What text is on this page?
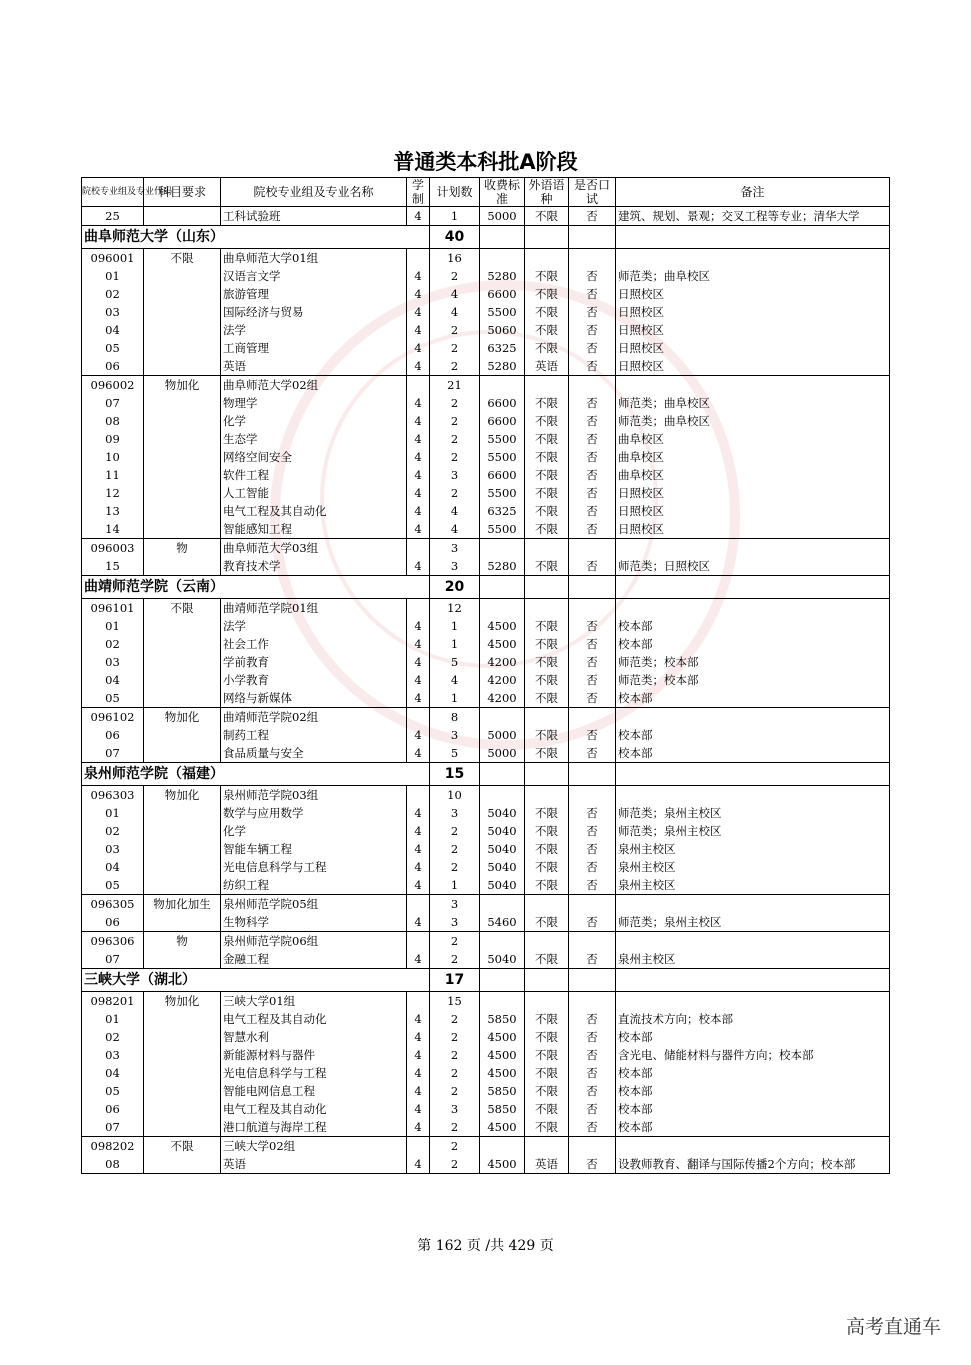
普通类本科批A阶段
院校专业组及专业代码	科目要求	院校专业组及专业名称	学制	计划数	收费标准	外语语种	是否口试	备注
25		工科试验班	4	1	5000	不限	否	建筑、规划、景观；交叉工程等专业；清华大学
曲阜师范大学（山东）				40				
096001	不限	曲阜师范大学01组		16				
01		汉语言文学	4	2	5280	不限	否	师范类；曲阜校区
02		旅游管理	4	4	6600	不限	否	日照校区
03		国际经济与贸易	4	4	5500	不限	否	日照校区
04		法学	4	2	5060	不限	否	日照校区
05		工商管理	4	2	6325	不限	否	日照校区
06		英语	4	2	5280	英语	否	日照校区
096002	物加化	曲阜师范大学02组		21				
07		物理学	4	2	6600	不限	否	师范类；曲阜校区
08		化学	4	2	6600	不限	否	师范类；曲阜校区
09		生态学	4	2	5500	不限	否	曲阜校区
10		网络空间安全	4	2	5500	不限	否	曲阜校区
11		软件工程	4	3	6600	不限	否	曲阜校区
12		人工智能	4	2	5500	不限	否	日照校区
13		电气工程及其自动化	4	4	6325	不限	否	日照校区
14		智能感知工程	4	4	5500	不限	否	日照校区
096003	物	曲阜师范大学03组		3				
15		教育技术学	4	3	5280	不限	否	师范类；日照校区
曲靖师范学院（云南）				20				
096101	不限	曲靖师范学院01组		12				
01		法学	4	1	4500	不限	否	校本部
02		社会工作	4	1	4500	不限	否	校本部
03		学前教育	4	5	4200	不限	否	师范类；校本部
04		小学教育	4	4	4200	不限	否	师范类；校本部
05		网络与新媒体	4	1	4200	不限	否	校本部
096102	物加化	曲靖师范学院02组		8				
06		制药工程	4	3	5000	不限	否	校本部
07		食品质量与安全	4	5	5000	不限	否	校本部
泉州师范学院（福建）				15				
096303	物加化	泉州师范学院03组		10				
01		数学与应用数学	4	3	5040	不限	否	师范类；泉州主校区
02		化学	4	2	5040	不限	否	师范类；泉州主校区
03		智能车辆工程	4	2	5040	不限	否	泉州主校区
04		光电信息科学与工程	4	2	5040	不限	否	泉州主校区
05		纺织工程	4	1	5040	不限	否	泉州主校区
096305	物加化加生	泉州师范学院05组		3				
06		生物科学	4	3	5460	不限	否	师范类；泉州主校区
096306	物	泉州师范学院06组		2				
07		金融工程	4	2	5040	不限	否	泉州主校区
三峡大学（湖北）				17				
098201	物加化	三峡大学01组		15				
01		电气工程及其自动化	4	2	5850	不限	否	直流技术方向；校本部
02		智慧水利	4	2	4500	不限	否	校本部
03		新能源材料与器件	4	2	4500	不限	否	含光电、储能材料与器件方向；校本部
04		光电信息科学与工程	4	2	4500	不限	否	校本部
05		智能电网信息工程	4	2	5850	不限	否	校本部
06		电气工程及其自动化	4	3	5850	不限	否	校本部
07		港口航道与海岸工程	4	2	4500	不限	否	校本部
098202	不限	三峡大学02组		2				
08		英语	4	2	4500	英语	否	设教师教育、翻译与国际传播2个方向；校本部
第 162 页 /共 429 页
高考直通车
